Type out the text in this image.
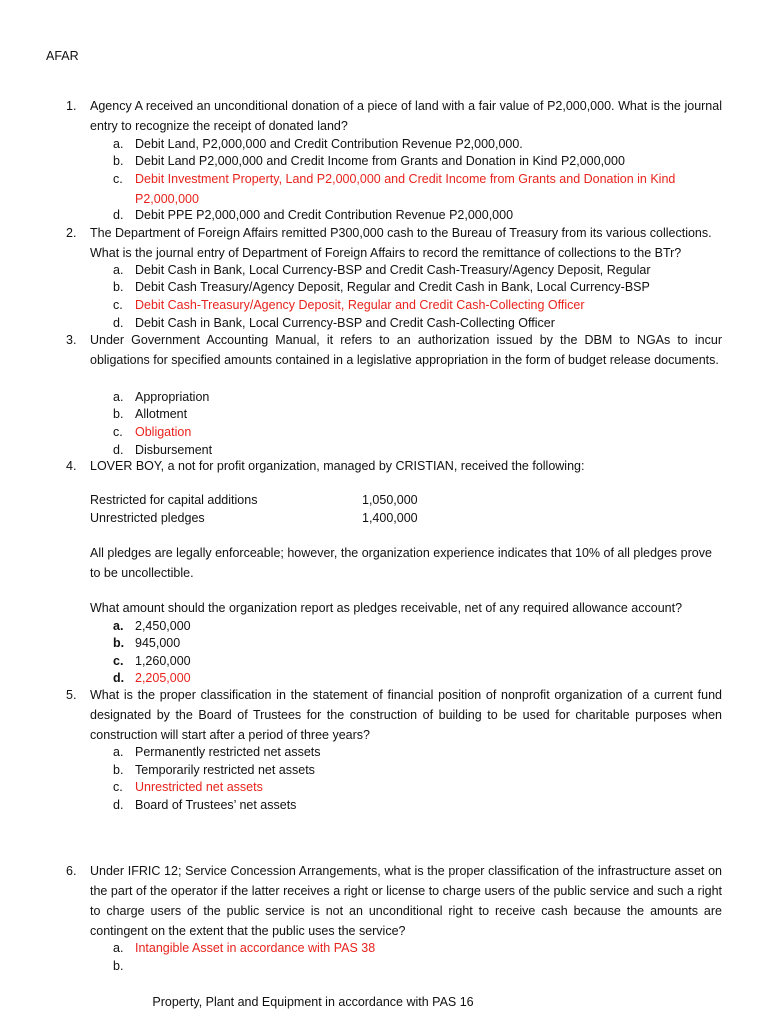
AFAR
1. Agency A received an unconditional donation of a piece of land with a fair value of P2,000,000. What is the journal entry to recognize the receipt of donated land?
a. Debit Land, P2,000,000 and Credit Contribution Revenue P2,000,000.
b. Debit Land P2,000,000 and Credit Income from Grants and Donation in Kind P2,000,000
c. Debit Investment Property, Land P2,000,000 and Credit Income from Grants and Donation in Kind P2,000,000
d. Debit PPE P2,000,000 and Credit Contribution Revenue P2,000,000
2. The Department of Foreign Affairs remitted P300,000 cash to the Bureau of Treasury from its various collections. What is the journal entry of Department of Foreign Affairs to record the remittance of collections to the BTr?
a. Debit Cash in Bank, Local Currency-BSP and Credit Cash-Treasury/Agency Deposit, Regular
b. Debit Cash Treasury/Agency Deposit, Regular and Credit Cash in Bank, Local Currency-BSP
c. Debit Cash-Treasury/Agency Deposit, Regular and Credit Cash-Collecting Officer
d. Debit Cash in Bank, Local Currency-BSP and Credit Cash-Collecting Officer
3. Under Government Accounting Manual, it refers to an authorization issued by the DBM to NGAs to incur obligations for specified amounts contained in a legislative appropriation in the form of budget release documents.
a. Appropriation
b. Allotment
c. Obligation
d. Disbursement
4. LOVER BOY, a not for profit organization, managed by CRISTIAN, received the following:
Restricted for capital additions	1,050,000
Unrestricted pledges	1,400,000
All pledges are legally enforceable; however, the organization experience indicates that 10% of all pledges prove to be uncollectible.
What amount should the organization report as pledges receivable, net of any required allowance account?
a. 2,450,000
b. 945,000
c. 1,260,000
d. 2,205,000
5. What is the proper classification in the statement of financial position of nonprofit organization of a current fund designated by the Board of Trustees for the construction of building to be used for charitable purposes when construction will start after a period of three years?
a. Permanently restricted net assets
b. Temporarily restricted net assets
c. Unrestricted net assets
d. Board of Trustees’ net assets
6. Under IFRIC 12; Service Concession Arrangements, what is the proper classification of the infrastructure asset on the part of the operator if the latter receives a right or license to charge users of the public service and such a right to charge users of the public service is not an unconditional right to receive cash because the amounts are contingent on the extent that the public uses the service?
a. Intangible Asset in accordance with PAS 38

b.

Property, Plant and Equipment in accordance with PAS 16
